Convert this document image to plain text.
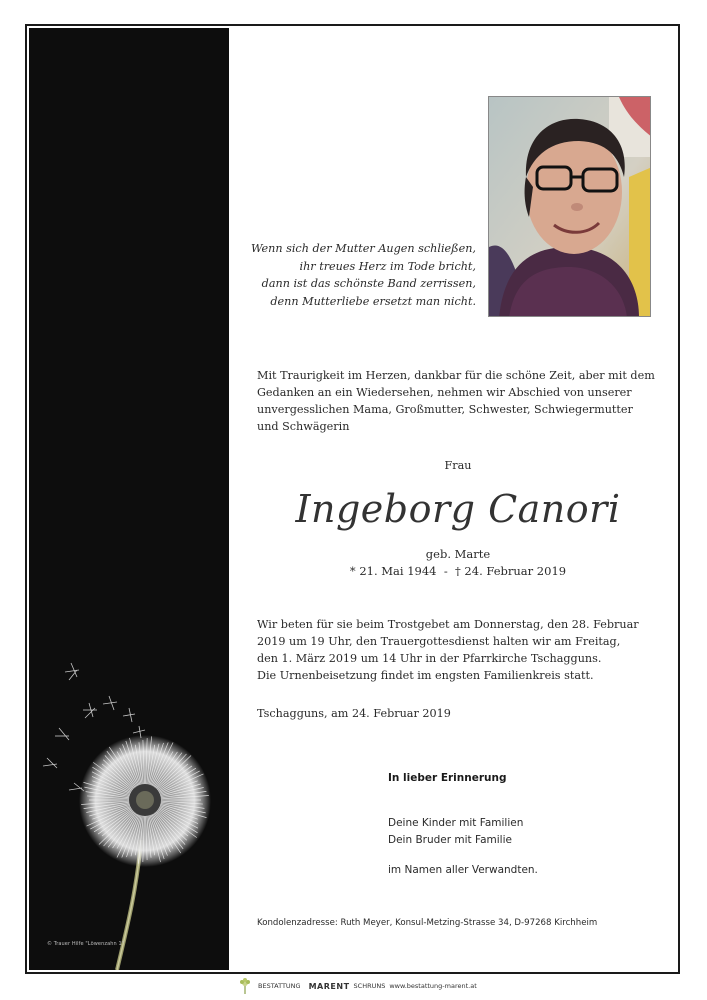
© Trauer Hilfe "Löwenzahn 1"
Wenn sich der Mutter Augen schließen,
ihr treues Herz im Tode bricht,
dann ist das schönste Band zerrissen,
denn Mutterliebe ersetzt man nicht.
Mit Traurigkeit im Herzen, dankbar für die schöne Zeit, aber mit dem Gedanken an ein Wiedersehen, nehmen wir Abschied von unserer unvergesslichen Mama, Großmutter, Schwester, Schwiegermutter und Schwägerin
Frau
Ingeborg Canori
geb. Marte
* 21. Mai 1944 - † 24. Februar 2019
Wir beten für sie beim Trostgebet am Donnerstag, den 28. Februar
2019 um 19 Uhr, den Trauergottesdienst halten wir am Freitag,
den 1. März 2019 um 14 Uhr in der Pfarrkirche Tschagguns.
Die Urnenbeisetzung findet im engsten Familienkreis statt.
Tschagguns, am 24. Februar 2019
In lieber Erinnerung
Deine Kinder mit Familien
Dein Bruder mit Familie
im Namen aller Verwandten.
Kondolenzadresse: Ruth Meyer, Konsul-Metzing-Strasse 34, D-97268 Kirchheim
BESTATTUNG MARENT SCHRUNS www.bestattung-marent.at
